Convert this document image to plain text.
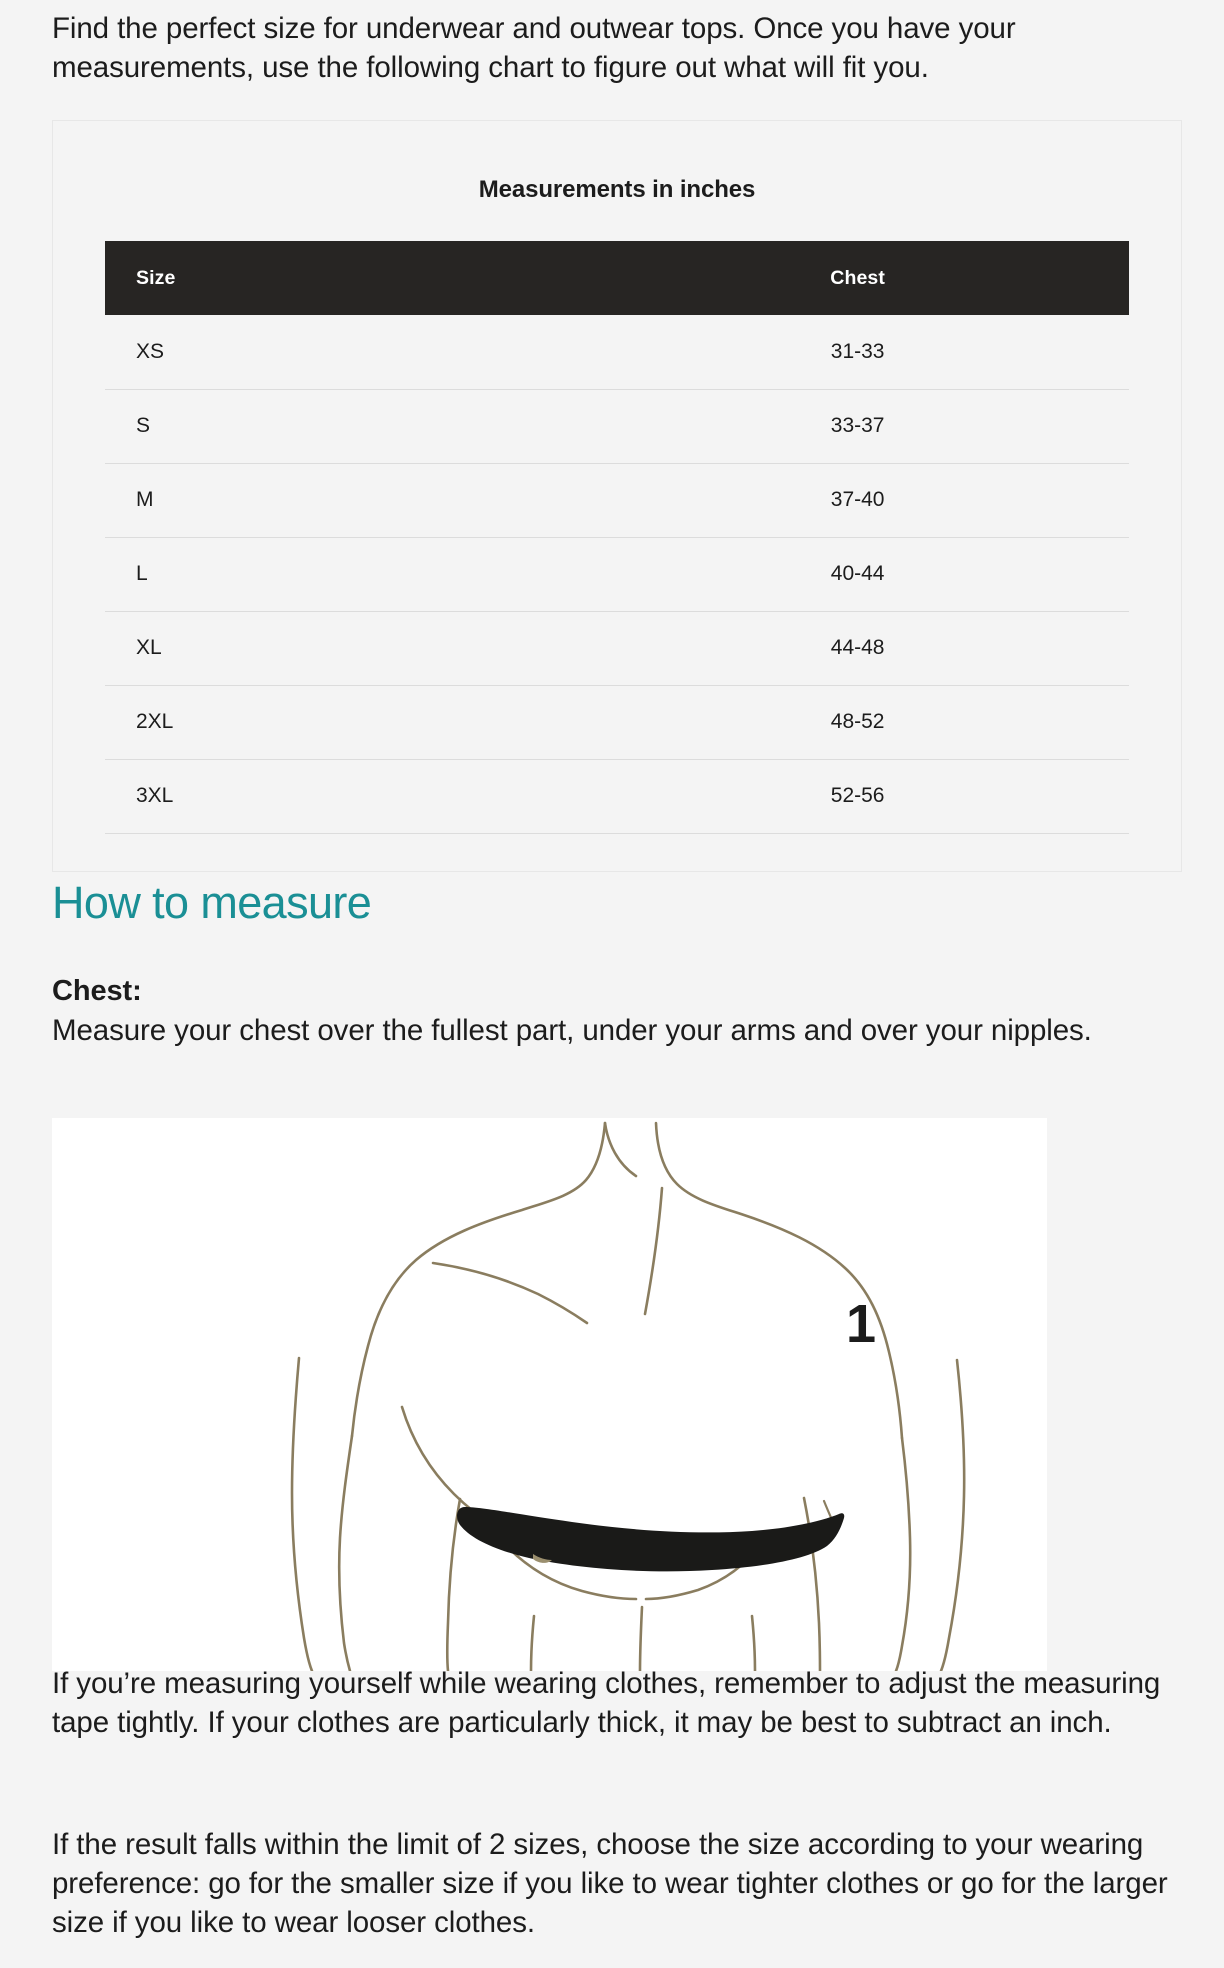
Find the perfect size for underwear and outwear tops. Once you have your measurements, use the following chart to figure out what will fit you.

Measurements in inches
Size	Chest
XS	31-33
S	33-37
M	37-40
L	40-44
XL	44-48
2XL	48-52
3XL	52-56
How to measure
Chest:

Measure your chest over the fullest part, under your arms and over your nipples.

1

If you’re measuring yourself while wearing clothes, remember to adjust the measuring tape tightly. If your clothes are particularly thick, it may be best to subtract an inch.

If the result falls within the limit of 2 sizes, choose the size according to your wearing preference: go for the smaller size if you like to wear tighter clothes or go for the larger size if you like to wear looser clothes.
